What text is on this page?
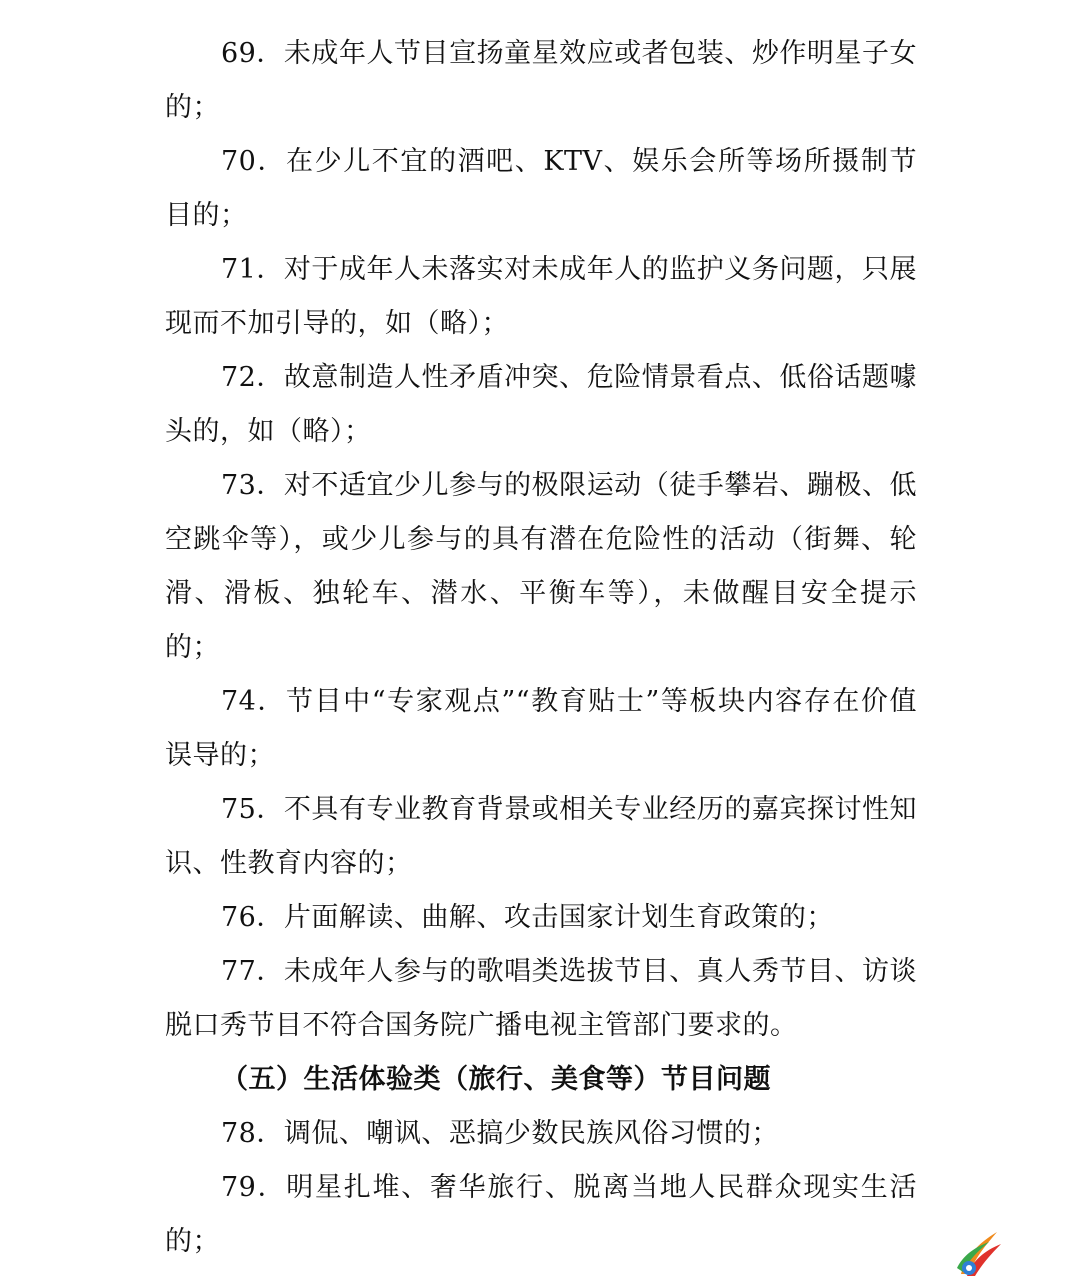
69．未成年人节目宣扬童星效应或者包装、炒作明星子女的；

70．在少儿不宜的酒吧、KTV、娱乐会所等场所摄制节目的；

71．对于成年人未落实对未成年人的监护义务问题，只展现而不加引导的，如（略）；

72．故意制造人性矛盾冲突、危险情景看点、低俗话题噱头的，如（略）；

73．对不适宜少儿参与的极限运动（徒手攀岩、蹦极、低空跳伞等），或少儿参与的具有潜在危险性的活动（街舞、轮滑、滑板、独轮车、潜水、平衡车等），未做醒目安全提示的；

74．节目中“专家观点”“教育贴士”等板块内容存在价值误导的；

75．不具有专业教育背景或相关专业经历的嘉宾探讨性知识、性教育内容的；

76．片面解读、曲解、攻击国家计划生育政策的；

77．未成年人参与的歌唱类选拔节目、真人秀节目、访谈脱口秀节目不符合国务院广播电视主管部门要求的。

（五）生活体验类（旅行、美食等）节目问题

78．调侃、嘲讽、恶搞少数民族风俗习惯的；

79．明星扎堆、奢华旅行、脱离当地人民群众现实生活的；
